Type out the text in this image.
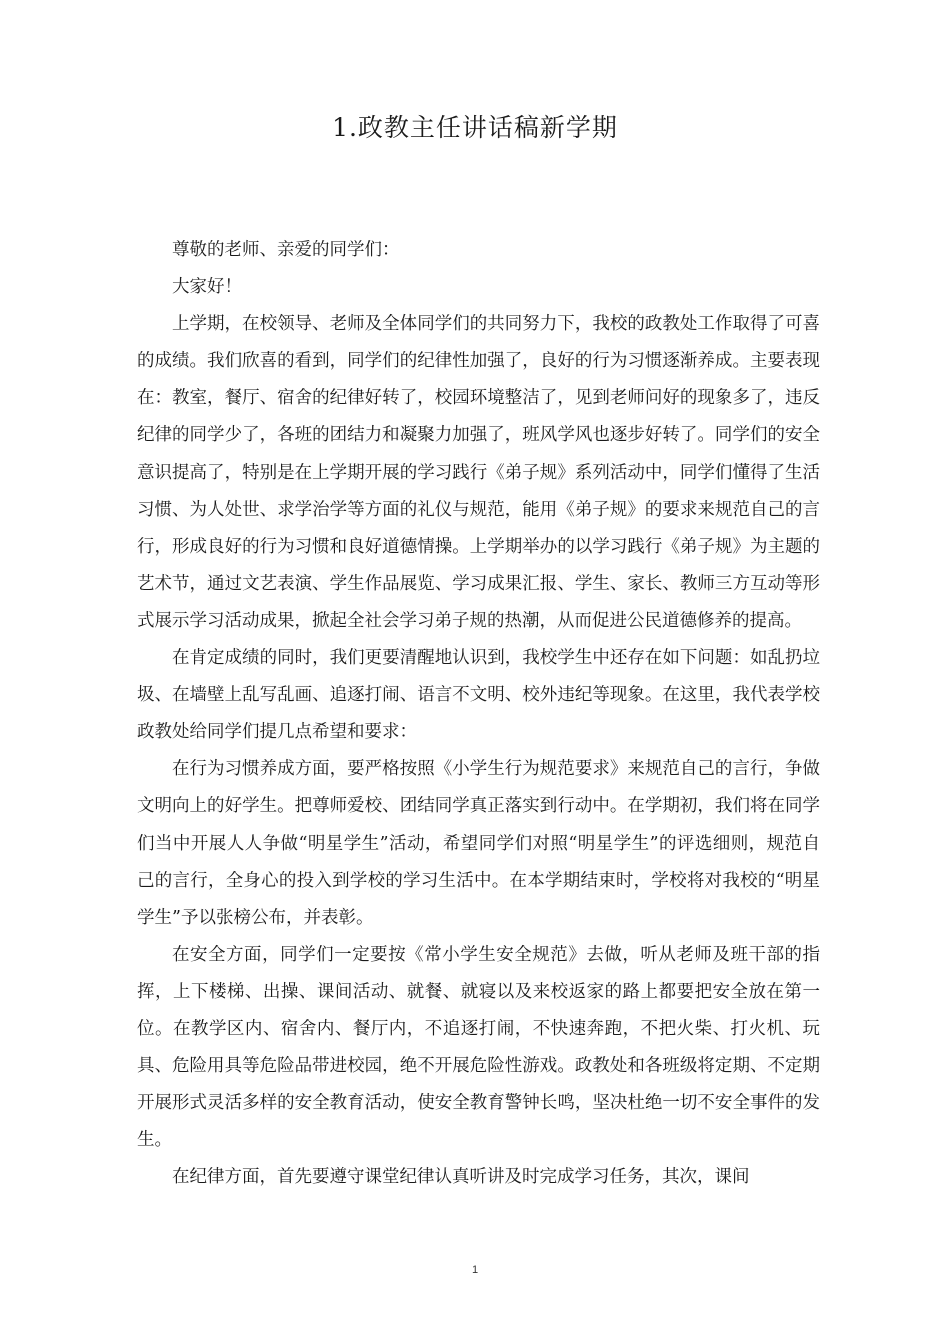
1.政教主任讲话稿新学期

尊敬的老师、亲爱的同学们：

大家好！

上学期，在校领导、老师及全体同学们的共同努力下，我校的政教处工作取得了可喜的成绩。我们欣喜的看到，同学们的纪律性加强了，良好的行为习惯逐渐养成。主要表现在：教室，餐厅、宿舍的纪律好转了，校园环境整洁了，见到老师问好的现象多了，违反纪律的同学少了，各班的团结力和凝聚力加强了，班风学风也逐步好转了。同学们的安全意识提高了，特别是在上学期开展的学习践行《弟子规》系列活动中，同学们懂得了生活习惯、为人处世、求学治学等方面的礼仪与规范，能用《弟子规》的要求来规范自己的言行，形成良好的行为习惯和良好道德情操。上学期举办的以学习践行《弟子规》为主题的艺术节，通过文艺表演、学生作品展览、学习成果汇报、学生、家长、教师三方互动等形式展示学习活动成果，掀起全社会学习弟子规的热潮，从而促进公民道德修养的提高。

在肯定成绩的同时，我们更要清醒地认识到，我校学生中还存在如下问题：如乱扔垃圾、在墙壁上乱写乱画、追逐打闹、语言不文明、校外违纪等现象。在这里，我代表学校政教处给同学们提几点希望和要求：

在行为习惯养成方面，要严格按照《小学生行为规范要求》来规范自己的言行，争做文明向上的好学生。把尊师爱校、团结同学真正落实到行动中。在学期初，我们将在同学们当中开展人人争做“明星学生”活动，希望同学们对照“明星学生”的评选细则，规范自己的言行，全身心的投入到学校的学习生活中。在本学期结束时，学校将对我校的“明星学生”予以张榜公布，并表彰。

在安全方面，同学们一定要按《常小学生安全规范》去做，听从老师及班干部的指挥，上下楼梯、出操、课间活动、就餐、就寝以及来校返家的路上都要把安全放在第一位。在教学区内、宿舍内、餐厅内，不追逐打闹，不快速奔跑，不把火柴、打火机、玩具、危险用具等危险品带进校园，绝不开展危险性游戏。政教处和各班级将定期、不定期开展形式灵活多样的安全教育活动，使安全教育警钟长鸣，坚决杜绝一切不安全事件的发生。

在纪律方面，首先要遵守课堂纪律认真听讲及时完成学习任务，其次，课间

1
